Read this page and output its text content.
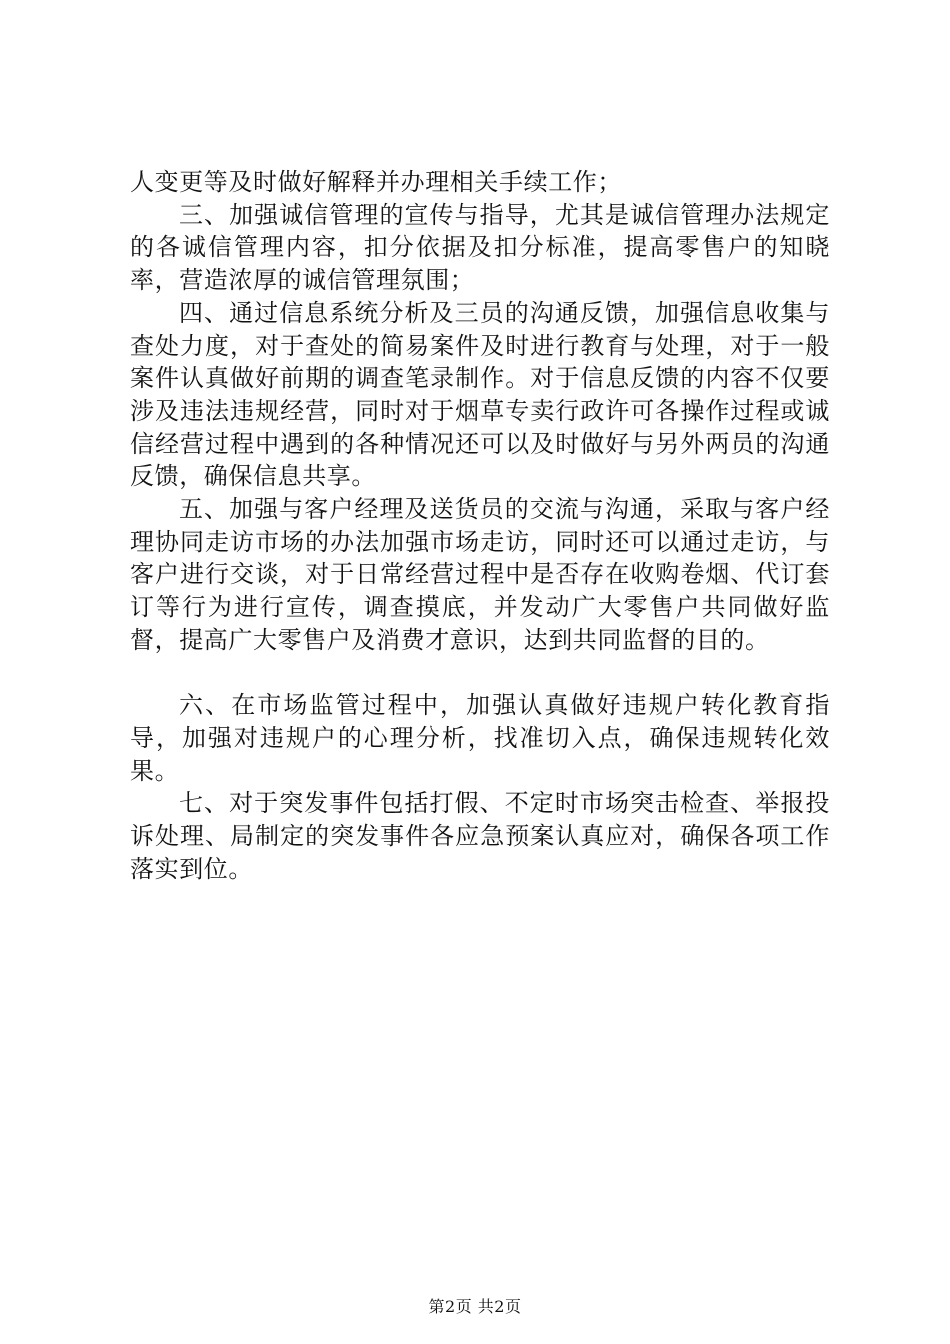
人变更等及时做好解释并办理相关手续工作；

三、加强诚信管理的宣传与指导，尤其是诚信管理办法规定的各诚信管理内容，扣分依据及扣分标准，提高零售户的知晓率，营造浓厚的诚信管理氛围；

四、通过信息系统分析及三员的沟通反馈，加强信息收集与查处力度，对于查处的简易案件及时进行教育与处理，对于一般案件认真做好前期的调查笔录制作。对于信息反馈的内容不仅要涉及违法违规经营，同时对于烟草专卖行政许可各操作过程或诚信经营过程中遇到的各种情况还可以及时做好与另外两员的沟通反馈，确保信息共享。

五、加强与客户经理及送货员的交流与沟通，采取与客户经理协同走访市场的办法加强市场走访，同时还可以通过走访，与客户进行交谈，对于日常经营过程中是否存在收购卷烟、代订套订等行为进行宣传，调查摸底，并发动广大零售户共同做好监督，提高广大零售户及消费才意识，达到共同监督的目的。

六、在市场监管过程中，加强认真做好违规户转化教育指导，加强对违规户的心理分析，找准切入点，确保违规转化效果。

七、对于突发事件包括打假、不定时市场突击检查、举报投诉处理、局制定的突发事件各应急预案认真应对，确保各项工作落实到位。

第2页 共2页
